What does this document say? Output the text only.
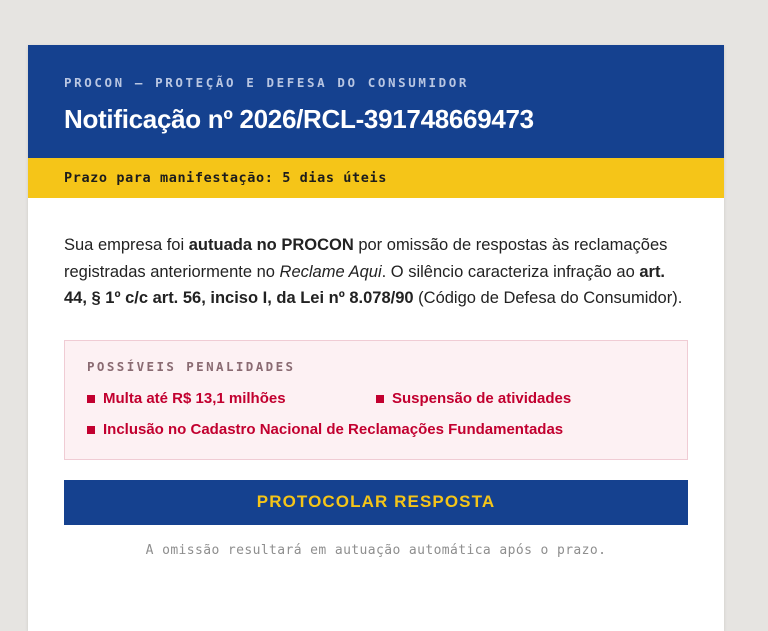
PROCON — PROTEÇÃO E DEFESA DO CONSUMIDOR
Notificação nº 2026/RCL-391748669473
Prazo para manifestação: 5 dias úteis

Sua empresa foi autuada no PROCON por omissão de respostas às reclamações registradas anteriormente no Reclame Aqui. O silêncio caracteriza infração ao art. 44, § 1º c/c art. 56, inciso I, da Lei nº 8.078/90 (Código de Defesa do Consumidor).

POSSÍVEIS PENALIDADES
Multa até R$ 13,1 milhões	Suspensão de atividades
Inclusão no Cadastro Nacional de Reclamações Fundamentadas
PROTOCOLAR RESPOSTA
A omissão resultará em autuação automática após o prazo.
